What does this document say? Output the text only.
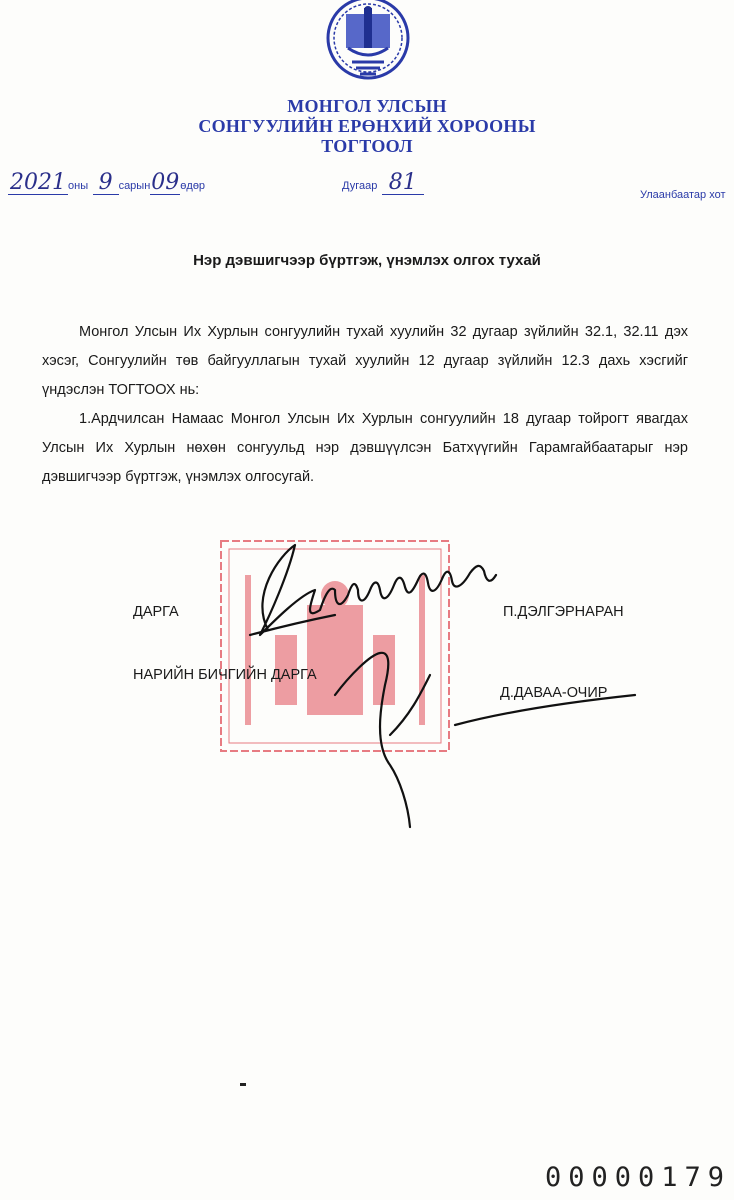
МОНГОЛ УЛСЫН
СОНГУУЛИЙН ЕРӨНХИЙ ХОРООНЫ
ТОГТООЛ
2021 оны 9 сарын09өдөр	Дугаар 81	Улаанбаатар хот
Нэр дэвшигчээр бүртгэж, үнэмлэх олгох тухай

Монгол Улсын Их Хурлын сонгуулийн тухай хуулийн 32 дугаар зүйлийн 32.1, 32.11 дэх хэсэг, Сонгуулийн төв байгууллагын тухай хуулийн 12 дугаар зүйлийн 12.3 дахь хэсгийг үндэслэн ТОГТООХ нь:

1.Ардчилсан Намаас Монгол Улсын Их Хурлын сонгуулийн 18 дугаар тойрогт явагдах Улсын Их Хурлын нөхөн сонгуульд нэр дэвшүүлсэн Батхүүгийн Гарамгайбаатарыг нэр дэвшигчээр бүртгэж, үнэмлэх олгосугай.

ДАРГА	П.ДЭЛГЭРНАРАН
НАРИЙН БИЧГИЙН ДАРГА
Д.ДАВАА-ОЧИР
00000179
